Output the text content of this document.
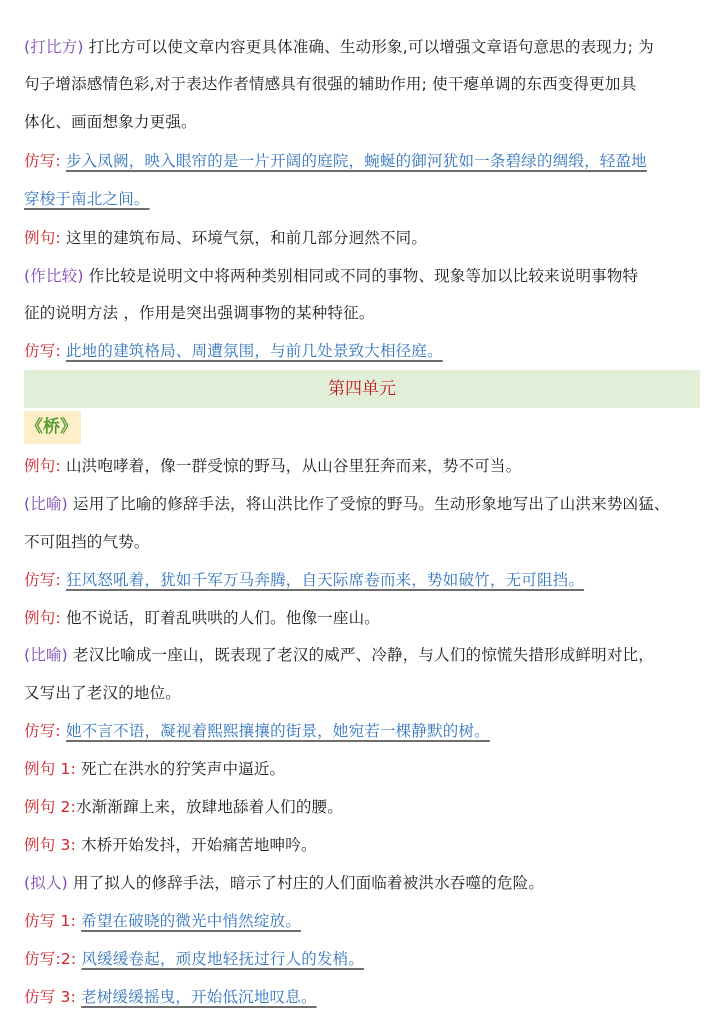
(打比方) 打比方可以使文章内容更具体准确、生动形象,可以增强文章语句意思的表现力; 为
句子增添感情色彩,对于表达作者情感具有很强的辅助作用; 使干瘪单调的东西变得更加具
体化、画面想象力更强。
仿写: 步入凤阙，映入眼帘的是一片开阔的庭院，蜿蜒的御河犹如一条碧绿的绸缎，轻盈地
穿梭于南北之间。
例句: 这里的建筑布局、环境气氛，和前几部分迥然不同。
(作比较) 作比较是说明文中将两种类别相同或不同的事物、现象等加以比较来说明事物特
征的说明方法 ，作用是突出强调事物的某种特征。
仿写: 此地的建筑格局、周遭氛围，与前几处景致大相径庭。
第四单元
《桥》
例句: 山洪咆哮着，像一群受惊的野马，从山谷里狂奔而来，势不可当。
(比喻) 运用了比喻的修辞手法，将山洪比作了受惊的野马。生动形象地写出了山洪来势凶猛、
不可阻挡的气势。
仿写: 狂风怒吼着，犹如千军万马奔腾，自天际席卷而来，势如破竹，无可阻挡。
例句: 他不说话，盯着乱哄哄的人们。他像一座山。
(比喻) 老汉比喻成一座山，既表现了老汉的威严、冷静，与人们的惊慌失措形成鲜明对比，
又写出了老汉的地位。
仿写: 她不言不语，凝视着熙熙攘攘的街景，她宛若一棵静默的树。
例句 1: 死亡在洪水的狞笑声中逼近。
例句 2:水渐渐蹿上来，放肆地舔着人们的腰。
例句 3: 木桥开始发抖，开始痛苦地呻吟。
(拟人) 用了拟人的修辞手法，暗示了村庄的人们面临着被洪水吞噬的危险。
仿写 1: 希望在破晓的微光中悄然绽放。
仿写:2: 风缓缓卷起，顽皮地轻抚过行人的发梢。
仿写 3: 老树缓缓摇曳，开始低沉地叹息。
